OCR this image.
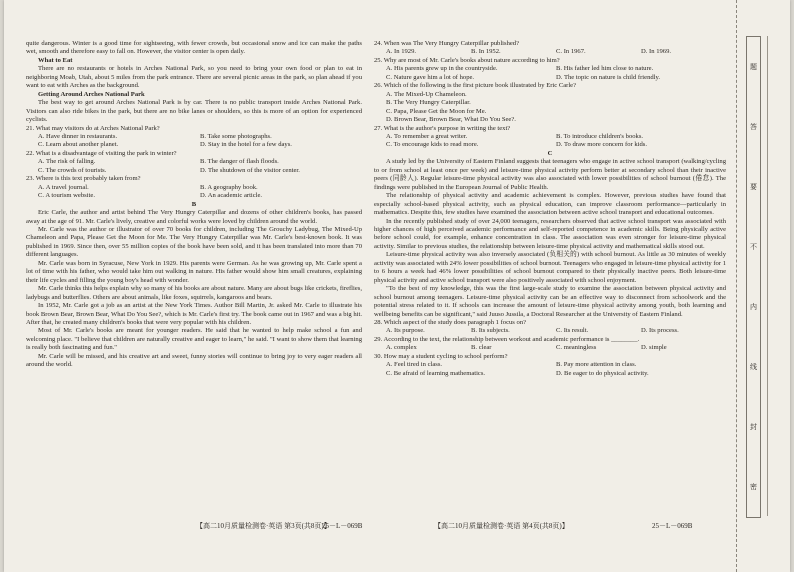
quite dangerous. Winter is a good time for sightseeing, with fewer crowds, but occasional snow and ice can make the paths wet, smooth and therefore easy to fall on. However, the visitor center is open daily.

What to Eat

There are no restaurants or hotels in Arches National Park, so you need to bring your own food or plan to eat in neighboring Moab, Utah, about 5 miles from the park entrance. There are several picnic areas in the park, so plan ahead if you want to eat with Arches as the background.

Getting Around Arches National Park

The best way to get around Arches National Park is by car. There is no public transport inside Arches National Park. Visitors can also ride bikes in the park, but there are no bike lanes or shoulders, so this is more of an option for experienced cyclists.

21. What may visitors do at Arches National Park?

A. Have dinner in restaurants.	B. Take some photographs.
C. Learn about another planet.	D. Stay in the hotel for a few days.

22. What is a disadvantage of visiting the park in winter?

A. The risk of falling.	B. The danger of flash floods.
C. The crowds of tourists.	D. The shutdown of the visitor center.

23. Where is this text probably taken from?

A. A travel journal.	B. A geography book.
C. A tourism website.	D. An academic article.

B

Eric Carle, the author and artist behind The Very Hungry Caterpillar and dozens of other children's books, has passed away at the age of 91. Mr. Carle's lively, creative and colorful works were loved by children around the world.

Mr. Carle was the author or illustrator of over 70 books for children, including The Grouchy Ladybug, The Mixed-Up Chameleon and Papa, Please Get the Moon for Me. The Very Hungry Caterpillar was Mr. Carle's best-known book. It was published in 1969. Since then, over 55 million copies of the book have been sold, and it has been translated into more than 70 different languages.

Mr. Carle was born in Syracuse, New York in 1929. His parents were German. As he was growing up, Mr. Carle spent a lot of time with his father, who would take him out walking in nature. His father would show him small creatures, explaining their life cycles and filling the young boy's head with wonder.

Mr. Carle thinks this helps explain why so many of his books are about nature. Many are about bugs like crickets, fireflies, ladybugs and butterflies. Others are about animals, like foxes, squirrels, kangaroos and bears.

In 1952, Mr. Carle got a job as an artist at the New York Times. Author Bill Martin, Jr. asked Mr. Carle to illustrate his book Brown Bear, Brown Bear, What Do You See?, which is Mr. Carle's first try. The book came out in 1967 and was a big hit. After that, he created many children's books that were very popular with his children.

Most of Mr. Carle's books are meant for younger readers. He said that he wanted to help make school a fun and welcoming place. "I believe that children are naturally creative and eager to learn," he said. "I want to show them that learning is really both fascinating and fun."

Mr. Carle will be missed, and his creative art and sweet, funny stories will continue to bring joy to very eager readers all around the world.

24. When was The Very Hungry Caterpillar published?

A. In 1929.	B. In 1952.	C. In 1967.	D. In 1969.

25. Why are most of Mr. Carle's books about nature according to him?

A. His parents grew up in the countryside.	B. His father led him close to nature.
C. Nature gave him a lot of hope.	D. The topic on nature is child friendly.

26. Which of the following is the first picture book illustrated by Eric Carle?

A. The Mixed-Up Chameleon.

B. The Very Hungry Caterpillar.

C. Papa, Please Get the Moon for Me.

D. Brown Bear, Brown Bear, What Do You See?.

27. What is the author's purpose in writing the text?

A. To remember a great writer.	B. To introduce children's books.
C. To encourage kids to read more.	D. To draw more concern for kids.

C

A study led by the University of Eastern Finland suggests that teenagers who engage in active school transport (walking/cycling to or from school at least once per week) and leisure-time physical activity perform better at secondary school than their inactive peers (同龄人). Regular leisure-time physical activity was also associated with lower possibilities of school burnout (倦怠). The findings were published in the European Journal of Public Health.

The relationship of physical activity and academic achievement is complex. However, previous studies have found that especially school-based physical activity, such as physical education, can improve classroom performance—particularly in mathematics. Despite this, few studies have examined the association between active school transport and educational outcomes.

In the recently published study of over 24,000 teenagers, researchers observed that active school transport was associated with higher chances of high perceived academic performance and self-reported competence in academic skills. Being physically active before school could, for example, enhance concentration in class. The association was even stronger for leisure-time physical activity. Similar to previous studies, the relationship between leisure-time physical activity and mathematical skills stood out.

Leisure-time physical activity was also inversely associated (负相关的) with school burnout. As little as 30 minutes of weekly activity was associated with 24% lower possibilities of school burnout. Teenagers who engaged in leisure-time physical activity for 1 to 6 hours a week had 46% lower possibilities of school burnout compared to their physically inactive peers. Both leisure-time physical activity and active school transport were also positively associated with school enjoyment.

"To the best of my knowledge, this was the first large-scale study to examine the association between physical activity and school burnout among teenagers. Leisure-time physical activity can be an effective way to disconnect from schoolwork and the potential stress related to it. If schools can increase the amount of leisure-time physical activity among youth, both learning and wellbeing benefits can be significant," said Juuso Jussila, a Doctoral Researcher at the University of Eastern Finland.

28. Which aspect of the study does paragraph 1 focus on?

A. Its purpose.	B. Its subjects.	C. Its result.	D. Its process.

29. According to the text, the relationship between workout and academic performance is ________.

A. complex	B. clear	C. meaningless	D. simple

30. How may a student cycling to school perform?

A. Feel tired in class.	B. Pay more attention in class.
C. Be afraid of learning mathematics.	D. Be eager to do physical activity.
【高二10月质量检测卷·英语 第3页(共8页)】
25－L－069B	【高二10月质量检测卷·英语 第4页(共8页)】	25－L－069B
题
答
要
不
内
线
封
密
